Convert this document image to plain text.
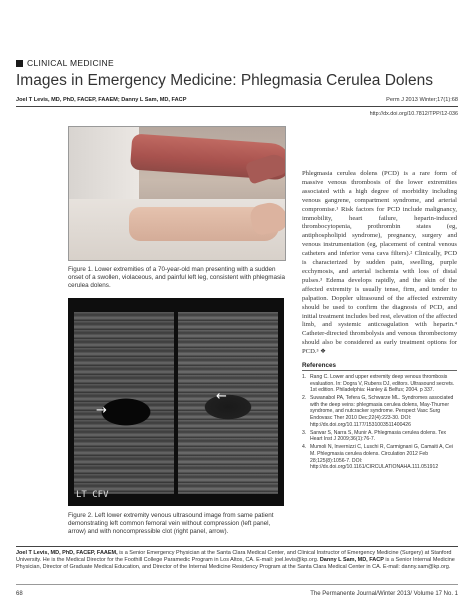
CLINICAL MEDICINE
Images in Emergency Medicine: Phlegmasia Cerulea Dolens
Joel T Levis, MD, PhD, FACEP, FAAEM; Danny L Sam, MD, FACP	Perm J 2013 Winter;17(1):68
http://dx.doi.org/10.7812/TPP/12-036
Figure 1. Lower extremities of a 70-year-old man presenting with a sudden onset of a swollen, violaceous, and painful left leg, consistent with phlegmasia cerulea dolens.
→
←
LT CFV
Figure 2. Left lower extremity venous ultrasound image from same patient demonstrating left common femoral vein without compression (left panel, arrow) and with noncompressible clot (right panel, arrow).
Phlegmasia cerulea dolens (PCD) is a rare form of massive venous thrombosis of the lower extremities associated with a high degree of morbidity including venous gangrene, compartment syndrome, and arterial compromise.¹ Risk factors for PCD include malignancy, immobility, heart failure, heparin-induced thrombocytopenia, prothrombin states (eg, antiphospholipid syndrome), pregnancy, surgery and venous instrumentation (eg, placement of central venous catheters and inferior vena cava filters).² Clinically, PCD is characterized by sudden pain, swelling, purple ecchymosis, and arterial ischemia with loss of distal pulses.³ Edema develops rapidly, and the skin of the affected extremity is usually tense, firm, and tender to palpation. Doppler ultrasound of the affected extremity should be used to confirm the diagnosis of PCD, and initial treatment includes bed rest, elevation of the affected limb, and systemic anticoagulation with heparin.⁴ Catheter-directed thrombolysis and venous thrombectomy should also be considered as early treatment options for PCD.³ ❖
References
1. Rang C. Lower and upper extremity deep venous thrombosis evaluation. In: Dogra V, Rubens DJ, editors. Ultrasound secrets. 1st edition. Philadelphia: Hanley & Belfus; 2004. p 337.
2. Suwanabol PA, Tefera G, Schwarze ML. Syndromes associated with the deep veins: phlegmasia cerulea dolens, May-Thurner syndrome, and nutcracker syndrome. Perspect Vasc Surg Endovasc Ther 2010 Dec;22(4):223-30. DOI: http://dx.doi.org/10.1177/1531003511400426
3. Sarwar S, Narra S, Munir A. Phlegmasia cerulea dolens. Tex Heart Inst J 2009;36(1):76-7.
4. Mumoli N, Invernizzi C, Luschi R, Carmignani G, Camaiti A, Cei M. Phlegmasia cerulea dolens. Circulation 2012 Feb 28;125(8):1056-7. DOI: http://dx.doi.org/10.1161/CIRCULATIONAHA.111.051912
Joel T Levis, MD, PhD, FACEP, FAAEM, is a Senior Emergency Physician at the Santa Clara Medical Center, and Clinical Instructor of Emergency Medicine (Surgery) at Stanford University. He is the Medical Director for the Foothill College Paramedic Program in Los Altos, CA. E-mail: joel.levis@kp.org. Danny L Sam, MD, FACP is a Senior Internal Medicine Physician, Director of Graduate Medical Education, and Director of the Internal Medicine Residency Program at the Santa Clara Medical Center in CA. E-mail: danny.sam@kp.org.
68	The Permanente Journal/Winter 2013/ Volume 17 No. 1
